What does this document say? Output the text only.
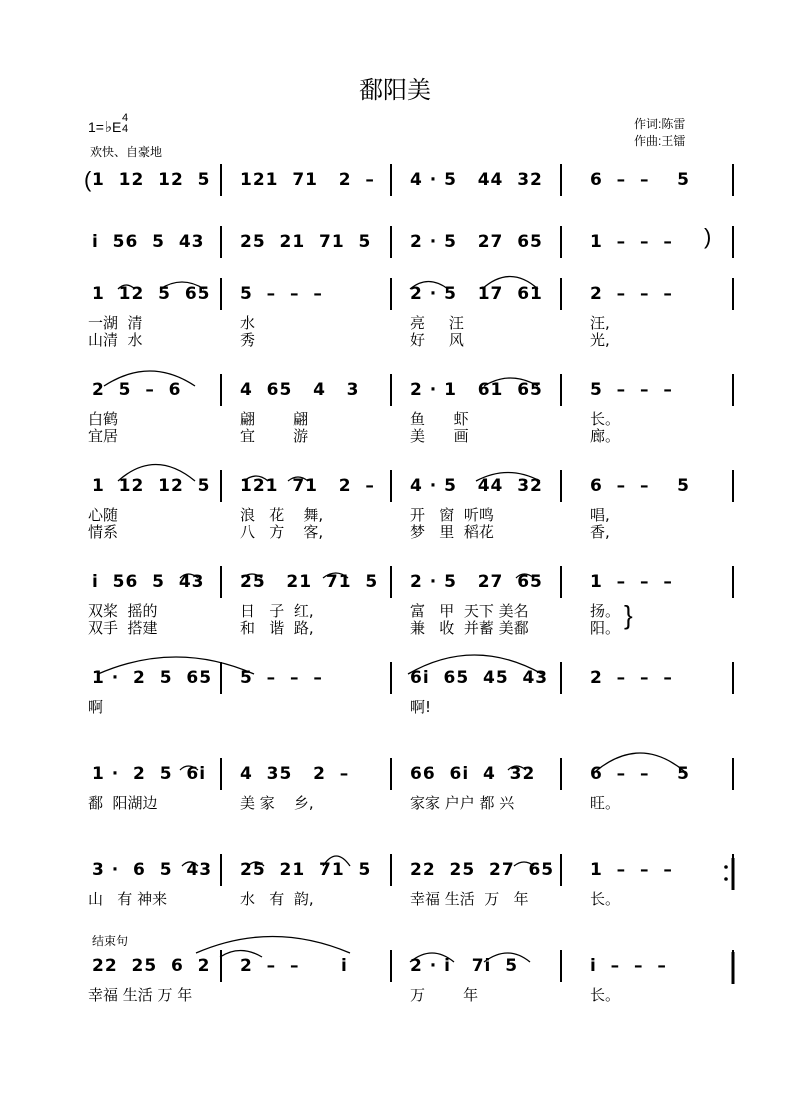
鄱阳美
1=♭E
4
4
欢快、自豪地
作词:陈雷
作曲:王镭
结束句
(
)
}
1  12  12  5 121  71   2  – 4 · 5   44  32	6  –  –    5
i  56  5  43 25  21  71  5 2 · 5   27  65	1  –  –  –
1  12  5  65 5  –  –  –	2 · 5   17  61	2  –  –  –
一湖  清	水	亮     汪	汪,
山清  水	秀	好     风	光,
2  5  –  6	4  65   4   3	2 · 1   61  65	5  –  –  –
白鹤	翩        翩	鱼      虾	长。
宜居	宜        游	美      画	廊。
1  12  12  5 121  71   2  – 4 · 5   44  32	6  –  –    5
心随	浪   花    舞,	开   窗  听鸣	唱,
情系	八   方    客,	梦   里  稻花	香,
i  56  5  43 25   21  71  5 2 · 5   27  65	1  –  –  –
双桨  摇的	日   子  红,	富   甲  天下 美名	扬。
双手  搭建	和   谐  路,	兼   收  并蓄 美鄱	阳。
1 ·  2  5  65 5  –  –  –	6i  65  45  43 2  –  –  –
啊	啊!
1 ·  2  5  6i 4  35   2  –	66  6i  4  32	6  –  –    5
鄱  阳湖边	美 家    乡,	家家 户户 都 兴	旺。
3 ·  6  5  43 25  21  71  5 22  25  27  65 1  –  –  –
山   有 神来	水   有  韵,	幸福 生活  万   年	长。
22  25  6  2 2  –  –      i	2 · i   7i  5	i  –  –  –
幸福 生活 万 年	万        年	长。
